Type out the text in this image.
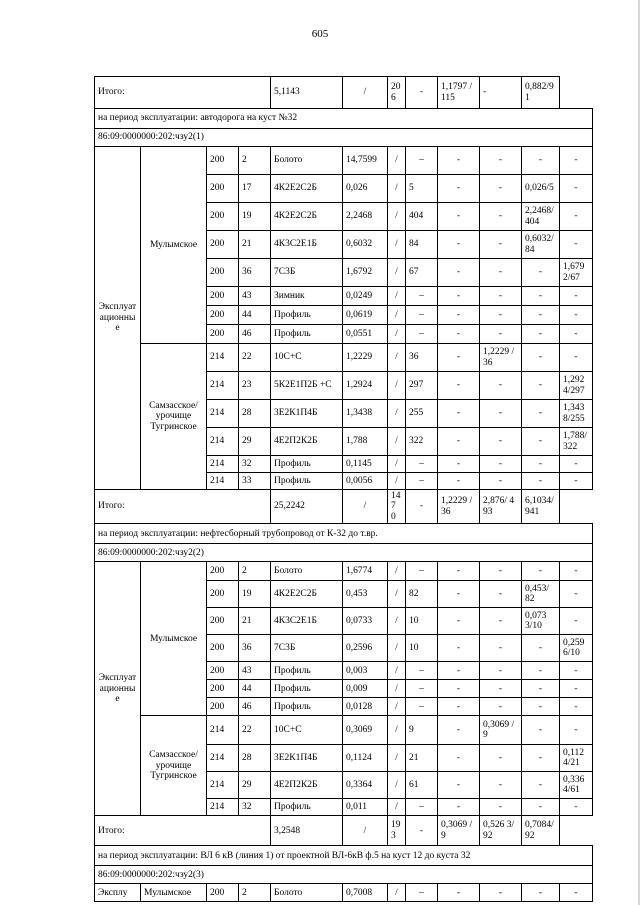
605
Итого:				5,1143	/	206	-	1,1797 /115	-	0,882/91	
на период эксплуатации: автодорога на куст №32											
86:09:0000000:202:чзу2(1)											
Эксплуатационные	Мулымское	200	2	Болото	14,7599	/	–	-	-	-	-
		200	17	4К2Е2С2Б	0,026	/	5	-	-	0,026/5	-
		200	19	4К2Е2С2Б	2,2468	/	404	-	-	2,2468/404	-
		200	21	4К3С2Е1Б	0,6032	/	84	-	-	0,6032/84	-
		200	36	7С3Б	1,6792	/	67	-	-	-	1,6792/67
		200	43	Зимник	0,0249	/	–	-	-	-	-
		200	44	Профиль	0,0619	/	–	-	-	-	-
		200	46	Профиль	0,0551	/	–	-	-	-	-
	Самзасское/ урочище Тугринское	214	22	10С+С	1,2229	/	36	-	1,2229 /36	-	-
		214	23	5К2Е1П2Б +С	1,2924	/	297	-	-	-	1,2924/297
		214	28	3Е2К1П4Б	1,3438	/	255	-	-	-	1,3438/255
		214	29	4Е2П2К2Б	1,788	/	322	-	-	-	1,788/322
		214	32	Профиль	0,1145	/	–	-	-	-	-
		214	33	Профиль	0,0056	/	–	-	-	-	-
Итого:				25,2242	/	147 0	-	1,2229 /36	2,876/ 493	6,1034/941	
на период эксплуатации: нефтесборный трубопровод от К-32 до т.вр.											
86:09:0000000:202:чзу2(2)											
Эксплуатационные	Мулымское	200	2	Болото	1,6774	/	–	-	-	-	-
		200	19	4К2Е2С2Б	0,453	/	82	-	-	0,453/ 82	-
		200	21	4К3С2Е1Б	0,0733	/	10	-	-	0,073 3/10	-
		200	36	7С3Б	0,2596	/	10	-	-	-	0,2596/10
		200	43	Профиль	0,003	/	–	-	-	-	-
		200	44	Профиль	0,009	/	–	-	-	-	-
		200	46	Профиль	0,0128	/	–	-	-	-	-
	Самзасское/ урочище Тугринское	214	22	10С+С	0,3069	/	9	-	0,3069 /9	-	-
		214	28	3Е2К1П4Б	0,1124	/	21	-	-	-	0,1124/21
		214	29	4Е2П2К2Б	0,3364	/	61	-	-	-	0,3364/61
		214	32	Профиль	0,011	/	–	-	-	-	-
Итого:				3,2548	/	193	-	0,3069 /9	0,526 3/92	0,7084/92	
на период эксплуатации: ВЛ 6 кВ (линия 1) от проектной ВЛ-6кВ ф.5 на куст 12 до куста 32											
86:09:0000000:202:чзу2(3)											
Эксплу	Мулымское	200	2	Болото	0,7008	/	–	-	-	-	-
